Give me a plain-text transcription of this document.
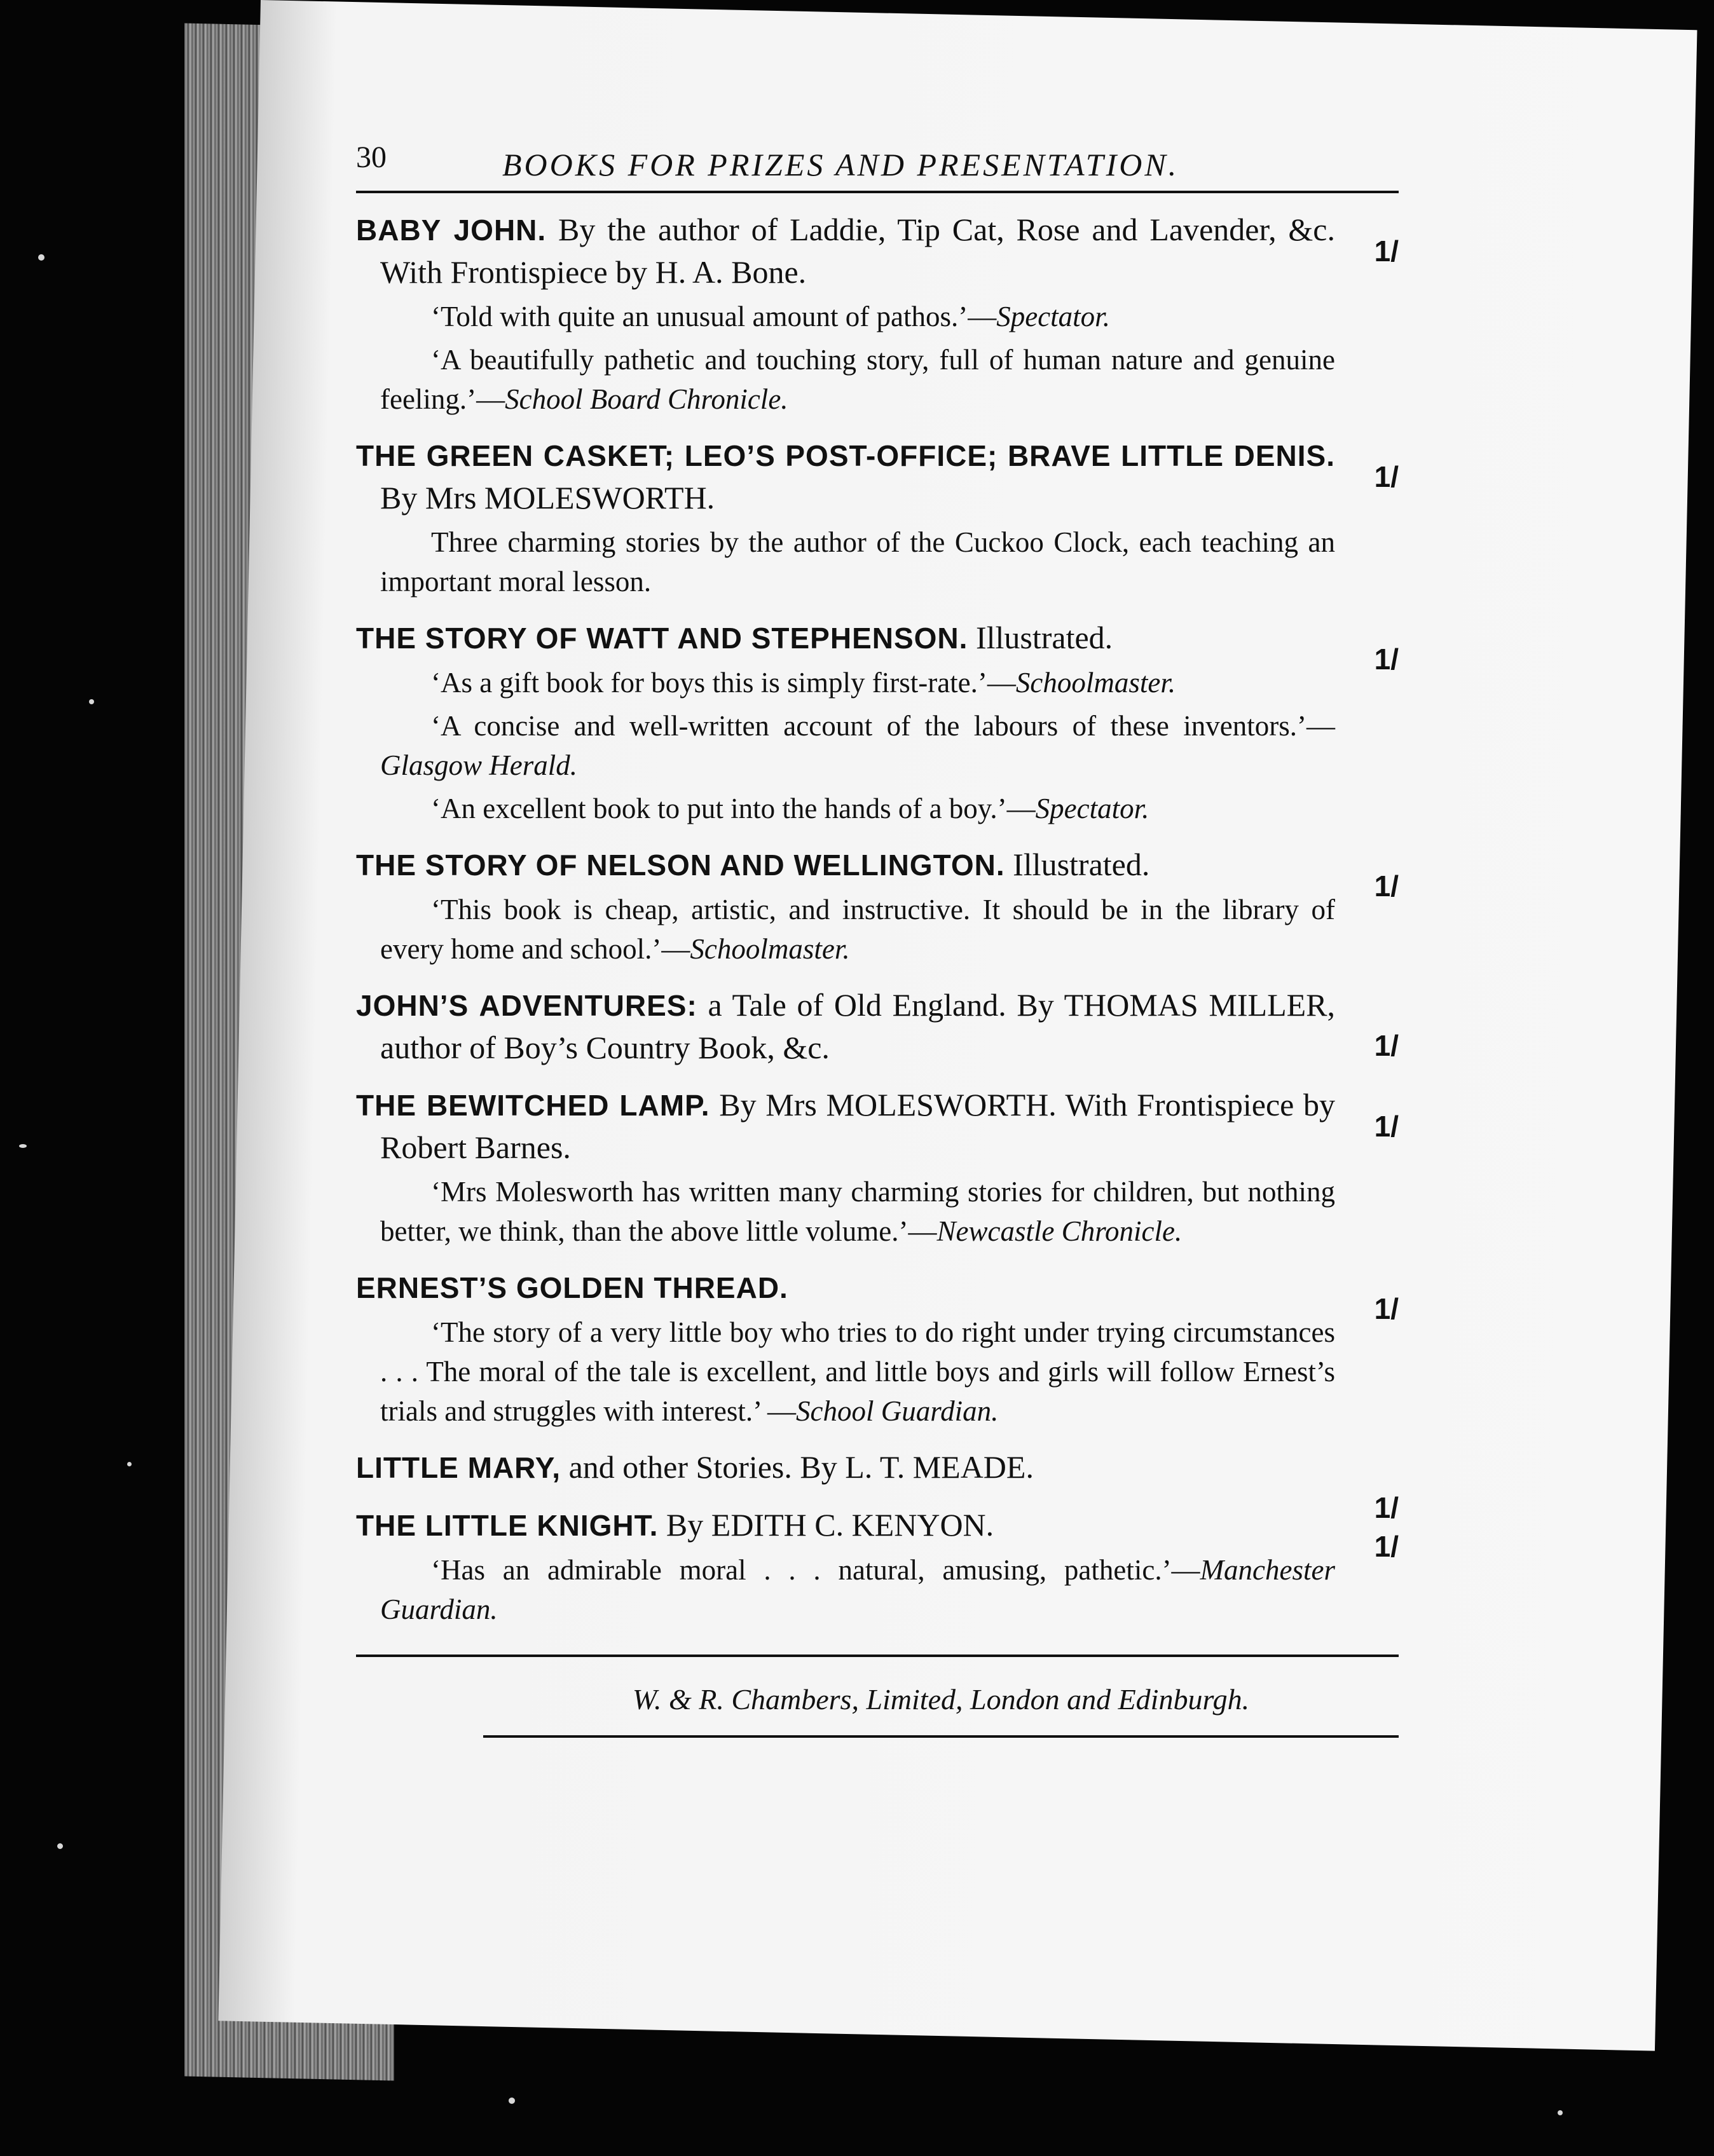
30	BOOKS FOR PRIZES AND PRESENTATION.
BABY JOHN. By the author of Laddie, Tip Cat, Rose and Lavender, &c. With Frontispiece by H. A. Bone.
1/
‘Told with quite an unusual amount of pathos.’—Spectator.
‘A beautifully pathetic and touching story, full of human nature and genuine feeling.’—School Board Chronicle.
THE GREEN CASKET; LEO’S POST-OFFICE; BRAVE LITTLE DENIS. By Mrs MOLESWORTH.
1/
Three charming stories by the author of the Cuckoo Clock, each teaching an important moral lesson.
THE STORY OF WATT AND STEPHENSON. Illustrated.
1/
‘As a gift book for boys this is simply first-rate.’—Schoolmaster.
‘A concise and well-written account of the labours of these inventors.’—Glasgow Herald.
‘An excellent book to put into the hands of a boy.’—Spectator.
THE STORY OF NELSON AND WELLINGTON. Illustrated.
1/
‘This book is cheap, artistic, and instructive. It should be in the library of every home and school.’—Schoolmaster.
JOHN’S ADVENTURES: a Tale of Old England. By THOMAS MILLER, author of Boy’s Country Book, &c.	1/
THE BEWITCHED LAMP. By Mrs MOLESWORTH. With Frontispiece by Robert Barnes.
1/
‘Mrs Molesworth has written many charming stories for children, but nothing better, we think, than the above little volume.’—Newcastle Chronicle.
ERNEST’S GOLDEN THREAD.
1/
‘The story of a very little boy who tries to do right under trying circumstances . . . The moral of the tale is excellent, and little boys and girls will follow Ernest’s trials and struggles with interest.’ —School Guardian.
LITTLE MARY, and other Stories. By L. T. MEADE.
1/
THE LITTLE KNIGHT. By EDITH C. KENYON.
1/
‘Has an admirable moral . . . natural, amusing, pathetic.’—Manchester Guardian.
W. & R. Chambers, Limited, London and Edinburgh.
